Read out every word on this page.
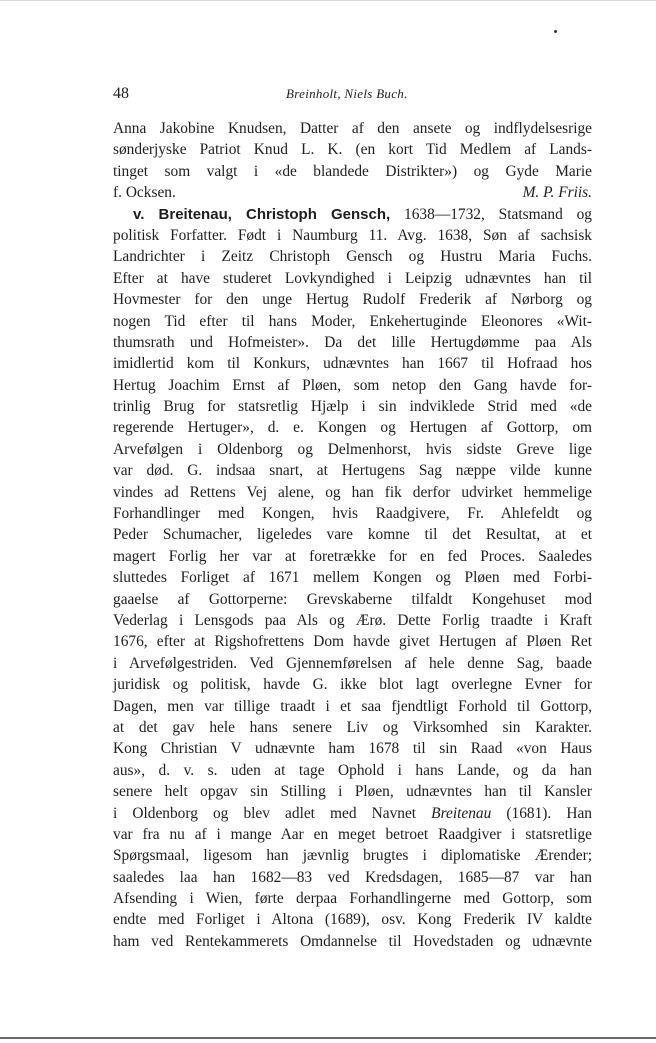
48	Breinholt, Niels Buch.
Anna Jakobine Knudsen, Datter af den ansete og indflydelsesrige
sønderjyske Patriot Knud L. K. (en kort Tid Medlem af Lands-
tinget som valgt i «de blandede Distrikter») og Gyde Marie
f. Ocksen.	M. P. Friis.
v. Breitenau, Christoph Gensch, 1638—1732, Statsmand og
politisk Forfatter. Født i Naumburg 11. Avg. 1638, Søn af sachsisk
Landrichter i Zeitz Christoph Gensch og Hustru Maria Fuchs.
Efter at have studeret Lovkyndighed i Leipzig udnævntes han til
Hovmester for den unge Hertug Rudolf Frederik af Nørborg og
nogen Tid efter til hans Moder, Enkehertuginde Eleonores «Wit-
thumsrath und Hofmeister». Da det lille Hertugdømme paa Als
imidlertid kom til Konkurs, udnævntes han 1667 til Hofraad hos
Hertug Joachim Ernst af Pløen, som netop den Gang havde for-
trinlig Brug for statsretlig Hjælp i sin indviklede Strid med «de
regerende Hertuger», d. e. Kongen og Hertugen af Gottorp, om
Arvefølgen i Oldenborg og Delmenhorst, hvis sidste Greve lige
var død. G. indsaa snart, at Hertugens Sag næppe vilde kunne
vindes ad Rettens Vej alene, og han fik derfor udvirket hemmelige
Forhandlinger med Kongen, hvis Raadgivere, Fr. Ahlefeldt og
Peder Schumacher, ligeledes vare komne til det Resultat, at et
magert Forlig her var at foretrække for en fed Proces. Saaledes
sluttedes Forliget af 1671 mellem Kongen og Pløen med Forbi-
gaaelse af Gottorperne: Grevskaberne tilfaldt Kongehuset mod
Vederlag i Lensgods paa Als og Ærø. Dette Forlig traadte i Kraft
1676, efter at Rigshofrettens Dom havde givet Hertugen af Pløen Ret
i Arvefølgestriden. Ved Gjennemførelsen af hele denne Sag, baade
juridisk og politisk, havde G. ikke blot lagt overlegne Evner for
Dagen, men var tillige traadt i et saa fjendtligt Forhold til Gottorp,
at det gav hele hans senere Liv og Virksomhed sin Karakter.
Kong Christian V udnævnte ham 1678 til sin Raad «von Haus
aus», d. v. s. uden at tage Ophold i hans Lande, og da han
senere helt opgav sin Stilling i Pløen, udnævntes han til Kansler
i Oldenborg og blev adlet med Navnet Breitenau (1681). Han
var fra nu af i mange Aar en meget betroet Raadgiver i statsretlige
Spørgsmaal, ligesom han jævnlig brugtes i diplomatiske Ærender;
saaledes laa han 1682—83 ved Kredsdagen, 1685—87 var han
Afsending i Wien, førte derpaa Forhandlingerne med Gottorp, som
endte med Forliget i Altona (1689), osv. Kong Frederik IV kaldte
ham ved Rentekammerets Omdannelse til Hovedstaden og udnævnte
